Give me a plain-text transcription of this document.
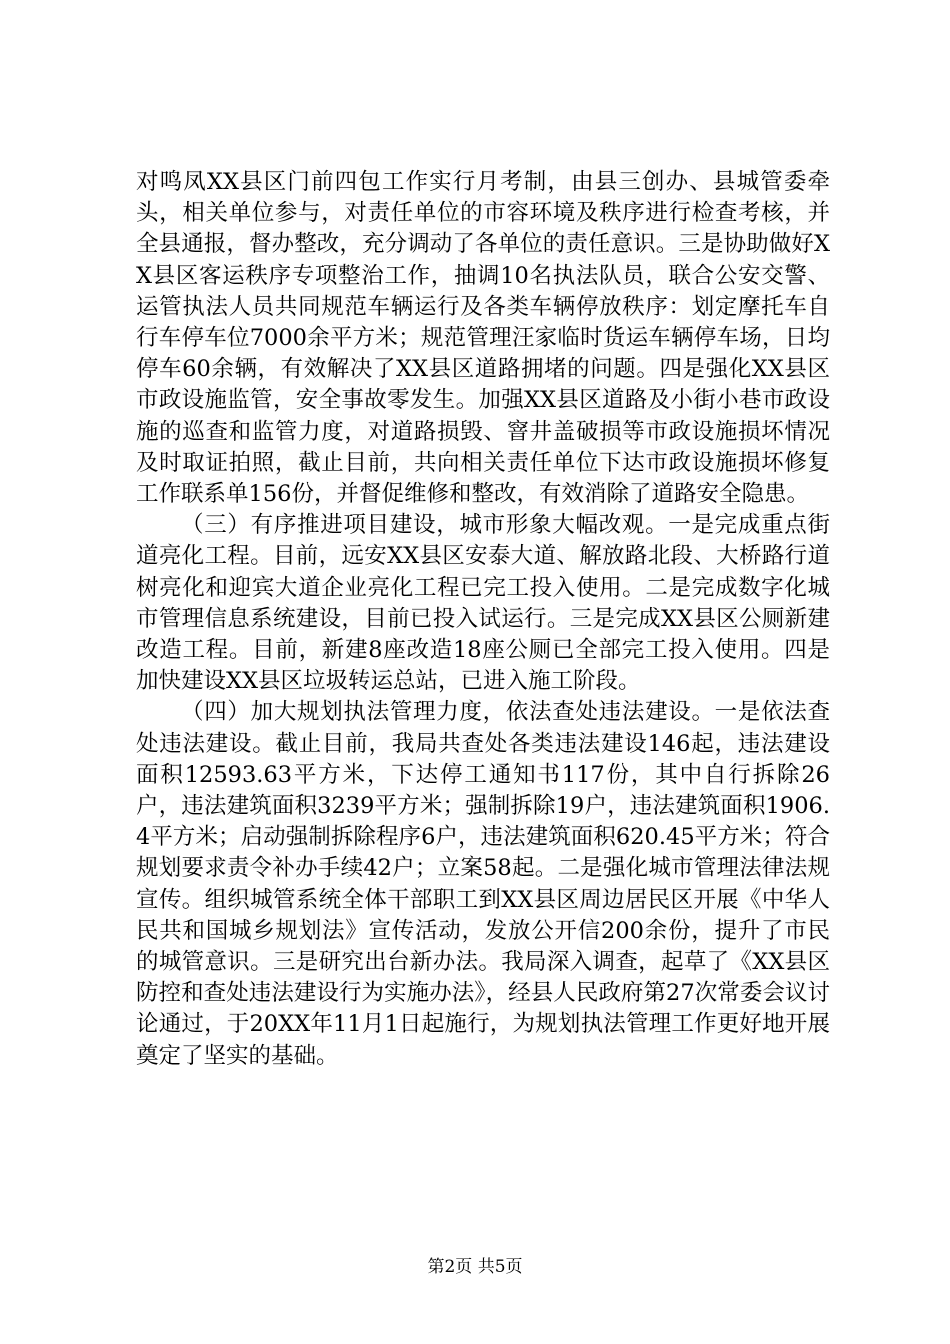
对鸣凤XX县区门前四包工作实行月考制，由县三创办、县城管委牵头，相关单位参与，对责任单位的市容环境及秩序进行检查考核，并全县通报，督办整改，充分调动了各单位的责任意识。三是协助做好XX县区客运秩序专项整治工作，抽调10名执法队员，联合公安交警、运管执法人员共同规范车辆运行及各类车辆停放秩序：划定摩托车自行车停车位7000余平方米；规范管理汪家临时货运车辆停车场，日均停车60余辆，有效解决了XX县区道路拥堵的问题。四是强化XX县区市政设施监管，安全事故零发生。加强XX县区道路及小街小巷市政设施的巡查和监管力度，对道路损毁、窨井盖破损等市政设施损坏情况及时取证拍照，截止目前，共向相关责任单位下达市政设施损坏修复工作联系单156份，并督促维修和整改，有效消除了道路安全隐患。

（三）有序推进项目建设，城市形象大幅改观。一是完成重点街道亮化工程。目前，远安XX县区安泰大道、解放路北段、大桥路行道树亮化和迎宾大道企业亮化工程已完工投入使用。二是完成数字化城市管理信息系统建设，目前已投入试运行。三是完成XX县区公厕新建改造工程。目前，新建8座改造18座公厕已全部完工投入使用。四是加快建设XX县区垃圾转运总站，已进入施工阶段。

（四）加大规划执法管理力度，依法查处违法建设。一是依法查处违法建设。截止目前，我局共查处各类违法建设146起，违法建设面积12593.63平方米，下达停工通知书117份，其中自行拆除26户，违法建筑面积3239平方米；强制拆除19户，违法建筑面积1906.4平方米；启动强制拆除程序6户，违法建筑面积620.45平方米；符合规划要求责令补办手续42户；立案58起。二是强化城市管理法律法规宣传。组织城管系统全体干部职工到XX县区周边居民区开展《中华人民共和国城乡规划法》宣传活动，发放公开信200余份，提升了市民的城管意识。三是研究出台新办法。我局深入调查，起草了《XX县区防控和查处违法建设行为实施办法》，经县人民政府第27次常委会议讨论通过，于20XX年11月1日起施行，为规划执法管理工作更好地开展奠定了坚实的基础。

第2页 共5页
